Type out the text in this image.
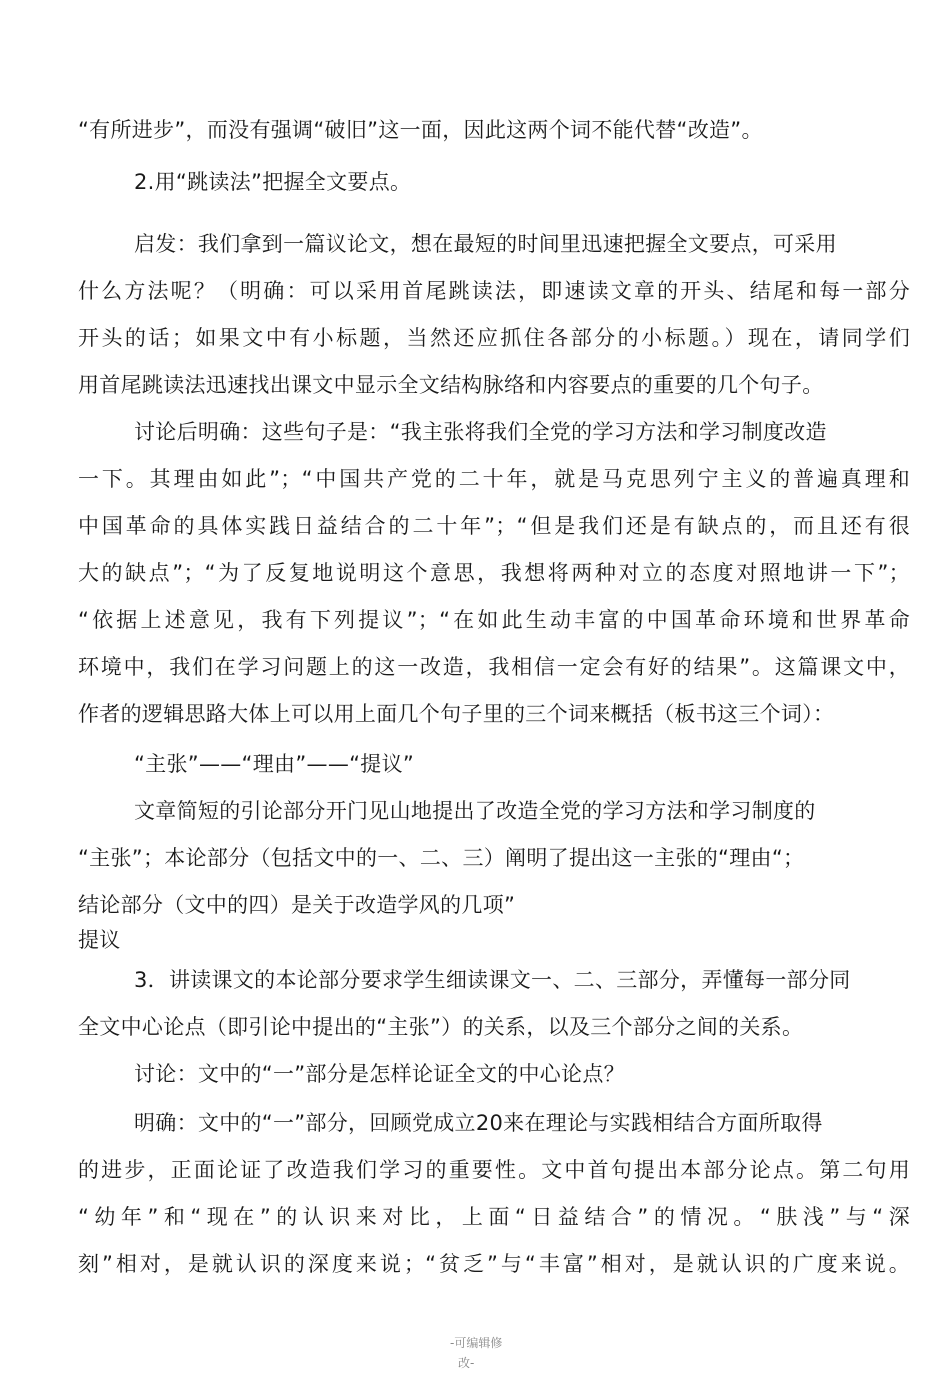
“有所进步”，而没有强调“破旧”这一面，因此这两个词不能代替“改造”。
2.用“跳读法”把握全文要点。
启发：我们拿到一篇议论文，想在最短的时间里迅速把握全文要点，可采用
什么方法呢？（明确：可以采用首尾跳读法，即速读文章的开头、结尾和每一部分
开头的话；如果文中有小标题，当然还应抓住各部分的小标题。）现在，请同学们
用首尾跳读法迅速找出课文中显示全文结构脉络和内容要点的重要的几个句子。
讨论后明确：这些句子是：“我主张将我们全党的学习方法和学习制度改造
一下。其理由如此”；“中国共产党的二十年，就是马克思列宁主义的普遍真理和
中国革命的具体实践日益结合的二十年”；“但是我们还是有缺点的，而且还有很
大的缺点”；“为了反复地说明这个意思，我想将两种对立的态度对照地讲一下”；
“依据上述意见，我有下列提议”；“在如此生动丰富的中国革命环境和世界革命
环境中，我们在学习问题上的这一改造，我相信一定会有好的结果”。这篇课文中，
作者的逻辑思路大体上可以用上面几个句子里的三个词来概括（板书这三个词）：
“主张”——“理由”——“提议”
文章简短的引论部分开门见山地提出了改造全党的学习方法和学习制度的
“主张”；本论部分（包括文中的一、二、三）阐明了提出这一主张的“理由“；
结论部分（文中的四）是关于改造学风的几项”
提议
3．讲读课文的本论部分要求学生细读课文一、二、三部分，弄懂每一部分同
全文中心论点（即引论中提出的“主张”）的关系，以及三个部分之间的关系。
讨论：文中的“一”部分是怎样论证全文的中心论点？
明确：文中的“一”部分，回顾党成立20来在理论与实践相结合方面所取得
的进步，正面论证了改造我们学习的重要性。文中首句提出本部分论点。第二句用
“幼年”和“现在”的认识来对比，上面“日益结合”的情况。“肤浅”与“深
刻”相对，是就认识的深度来说；“贫乏”与“丰富”相对，是就认识的广度来说。
-可编辑修
改-
